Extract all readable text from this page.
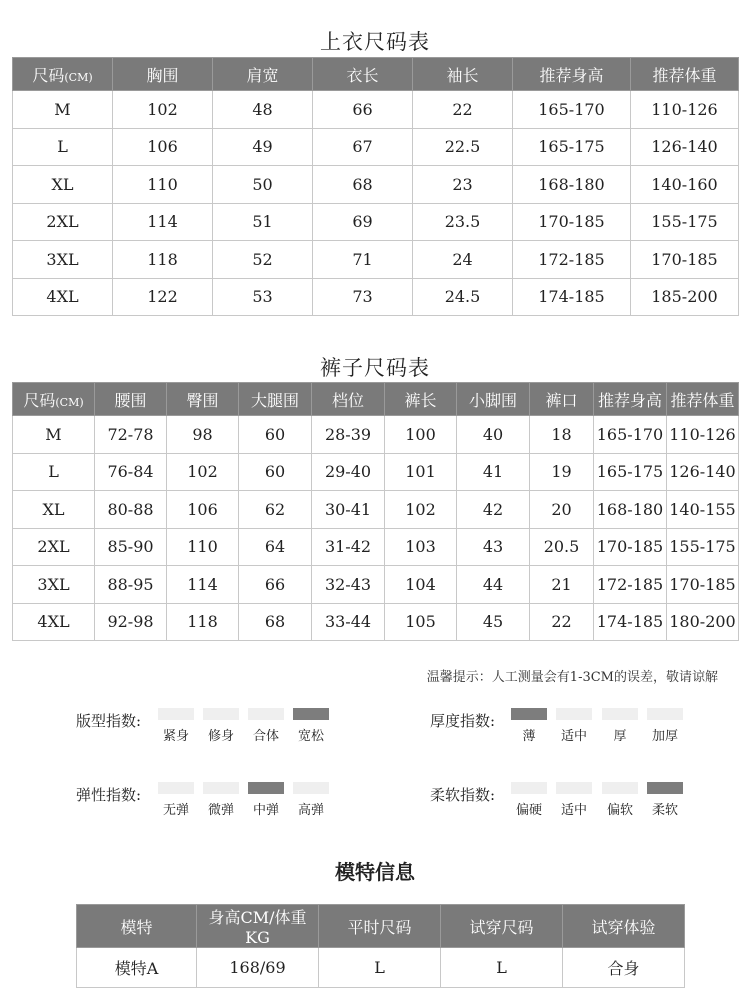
上衣尺码表
尺码(CM)	胸围	肩宽	衣长	袖长	推荐身高	推荐体重
M	102	48	66	22	165-170	110-126
L	106	49	67	22.5	165-175	126-140
XL	110	50	68	23	168-180	140-160
2XL	114	51	69	23.5	170-185	155-175
3XL	118	52	71	24	172-185	170-185
4XL	122	53	73	24.5	174-185	185-200
裤子尺码表
尺码(CM)	腰围	臀围	大腿围	档位	裤长	小脚围	裤口	推荐身高	推荐体重
M	72-78	98	60	28-39	100	40	18	165-170	110-126
L	76-84	102	60	29-40	101	41	19	165-175	126-140
XL	80-88	106	62	30-41	102	42	20	168-180	140-155
2XL	85-90	110	64	31-42	103	43	20.5	170-185	155-175
3XL	88-95	114	66	32-43	104	44	21	172-185	170-185
4XL	92-98	118	68	33-44	105	45	22	174-185	180-200
温馨提示：人工测量会有1-3CM的误差，敬请谅解
版型指数:
紧身	修身	合体	宽松
厚度指数:
薄	适中	厚	加厚
弹性指数:
无弹	微弹	中弹	高弹
柔软指数:
偏硬	适中	偏软	柔软
模特信息
模特	身高CM/体重KG	平时尺码	试穿尺码	试穿体验
模特A	168/69	L	L	合身
